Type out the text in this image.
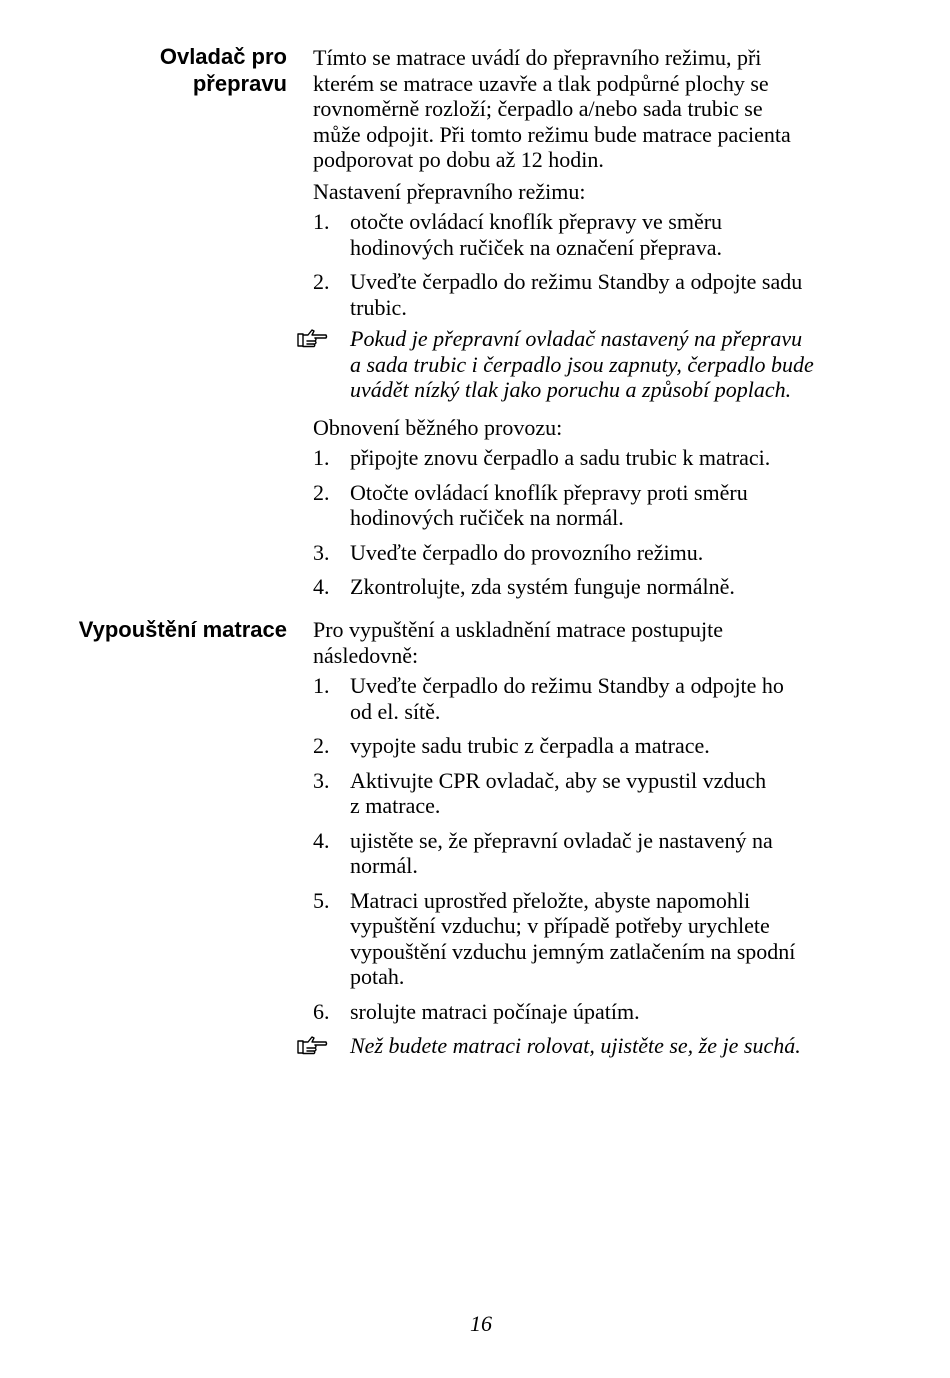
Ovladač pro
přepravu
Tímto se matrace uvádí do přepravního režimu, při
kterém se matrace uzavře a tlak podpůrné plochy se
rovnoměrně rozloží; čerpadlo a/nebo sada trubic se
může odpojit. Při tomto režimu bude matrace pacienta
podporovat po dobu až 12 hodin.
Nastavení přepravního režimu:
1. otočte ovládací knoflík přepravy ve směru
hodinových ručiček na označení přeprava.
2. Uveďte čerpadlo do režimu Standby a odpojte sadu
trubic.
Pokud je přepravní ovladač nastavený na přepravu
a sada trubic i čerpadlo jsou zapnuty, čerpadlo bude
uvádět nízký tlak jako poruchu a způsobí poplach.
Obnovení běžného provozu:
1. připojte znovu čerpadlo a sadu trubic k matraci.
2. Otočte ovládací knoflík přepravy proti směru
hodinových ručiček na normál.
3. Uveďte čerpadlo do provozního režimu.
4. Zkontrolujte, zda systém funguje normálně.
Vypouštění matrace Pro vypuštění a uskladnění matrace postupujte
následovně:
1. Uveďte čerpadlo do režimu Standby a odpojte ho
od el. sítě.
2. vypojte sadu trubic z čerpadla a matrace.
3. Aktivujte CPR ovladač, aby se vypustil vzduch
z matrace.
4. ujistěte se, že přepravní ovladač je nastavený na
normál.
5. Matraci uprostřed přeložte, abyste napomohli
vypuštění vzduchu; v případě potřeby urychlete
vypouštění vzduchu jemným zatlačením na spodní
potah.
6. srolujte matraci počínaje úpatím.
Než budete matraci rolovat, ujistěte se, že je suchá.
16
